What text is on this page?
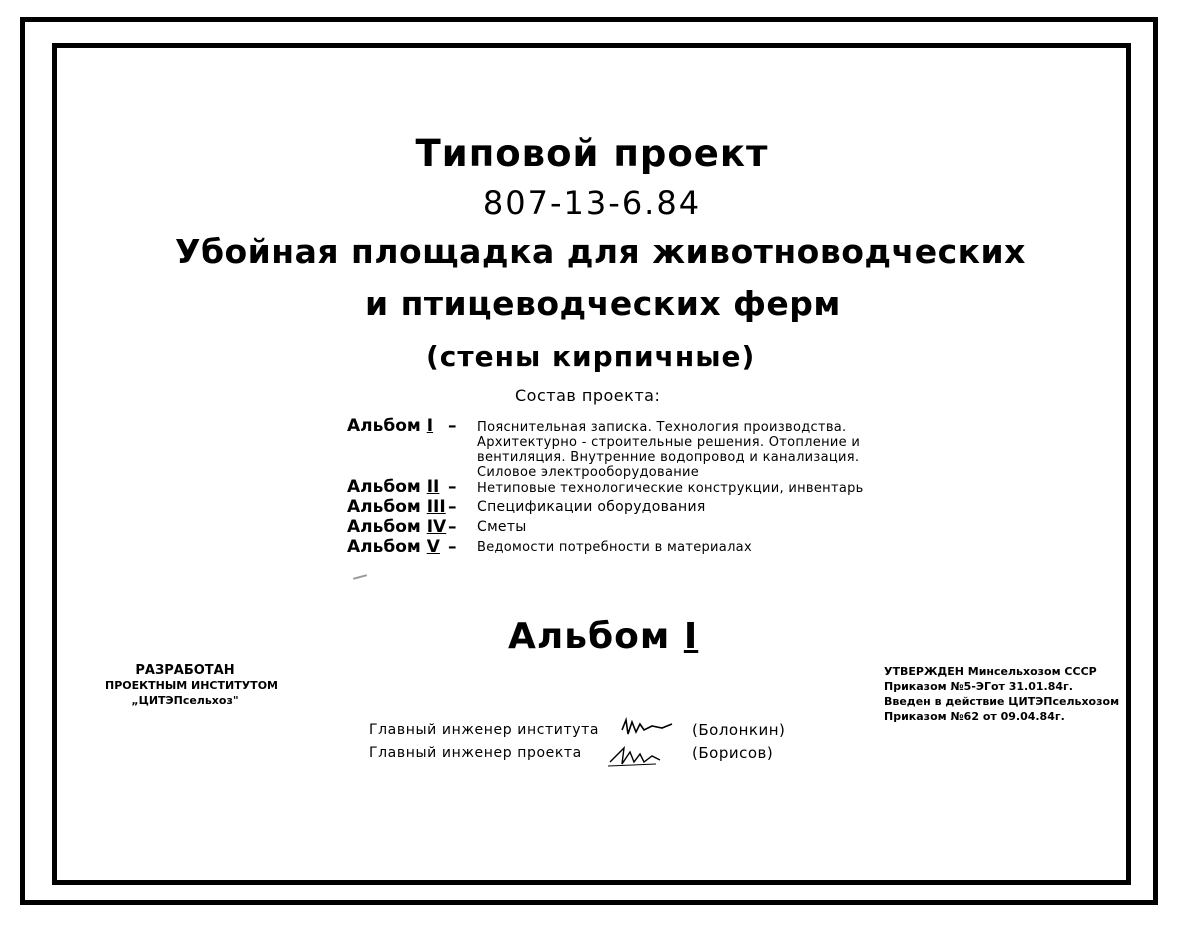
Типовой проект
807-13-6.84
Убойная площадка для животноводческих
и птицеводческих ферм
(стены кирпичные)
Состав проекта:
Альбом I – Пояснительная записка. Технология производства.
Архитектурно - строительные решения. Отопление и
вентиляция. Внутренние водопровод и канализация.
Силовое электрооборудование
Альбом II – Нетиповые технологические конструкции, инвентарь
Альбом III – Спецификации оборудования
Альбом IV – Сметы
Альбом V – Ведомости потребности в материалах
Альбом I
РАЗРАБОТАН
ПРОЕКТНЫМ ИНСТИТУТОМ
„ЦИТЭПсельхоз"
УТВЕРЖДЕН Минсельхозом СССР
Приказом №5-ЭГот 31.01.84г.
Введен в действие ЦИТЭПсельхозом
Приказом №62 от 09.04.84г.
Главный инженер института
Главный инженер проекта
(Болонкин)
(Борисов)
